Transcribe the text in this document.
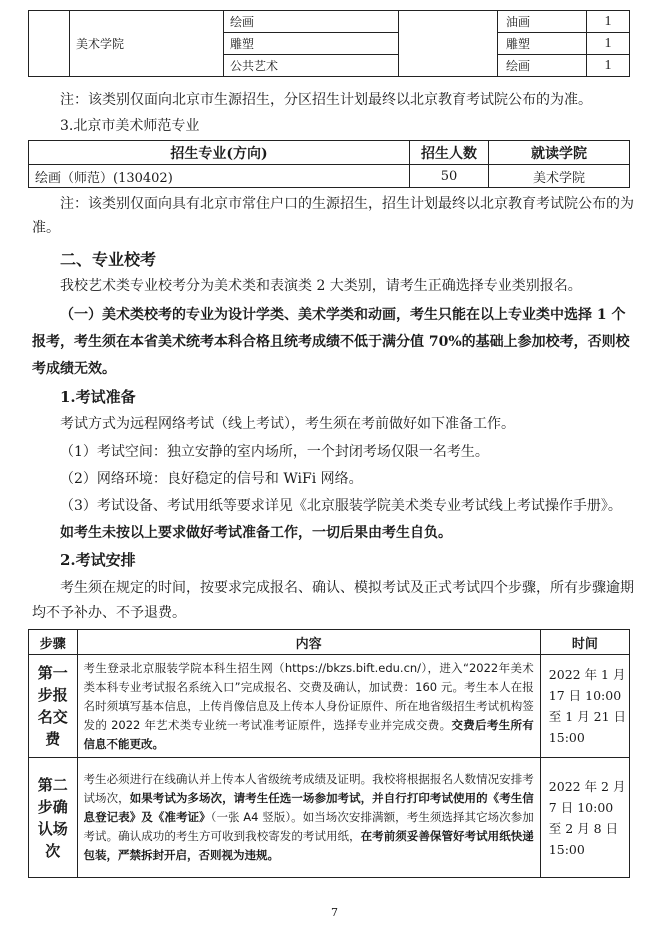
	美术学院	绘画		油画	1
		雕塑		雕塑	1
		公共艺术		绘画	1
注：该类别仅面向北京市生源招生，分区招生计划最终以北京教育考试院公布的为准。
3.北京市美术师范专业
招生专业(方向)	招生人数	就读学院
绘画（师范）(130402)	50	美术学院
注：该类别仅面向具有北京市常住户口的生源招生，招生计划最终以北京教育考试院公布的为准。
二、专业校考
我校艺术类专业校考分为美术类和表演类 2 大类别，请考生正确选择专业类别报名。
（一）美术类校考的专业为设计学类、美术学类和动画，考生只能在以上专业类中选择 1 个报考，考生须在本省美术统考本科合格且统考成绩不低于满分值 70%的基础上参加校考，否则校考成绩无效。
1.考试准备
考试方式为远程网络考试（线上考试），考生须在考前做好如下准备工作。
（1）考试空间：独立安静的室内场所，一个封闭考场仅限一名考生。
（2）网络环境：良好稳定的信号和 WiFi 网络。
（3）考试设备、考试用纸等要求详见《北京服装学院美术类专业考试线上考试操作手册》。
如考生未按以上要求做好考试准备工作，一切后果由考生自负。
2.考试安排
考生须在规定的时间，按要求完成报名、确认、模拟考试及正式考试四个步骤，所有步骤逾期均不予补办、不予退费。
步骤	内容	时间

第一步报名交费	考生登录北京服装学院本科生招生网（https://bkzs.bift.edu.cn/），进入“2022年美术类本科专业考试报名系统入口”完成报名、交费及确认，加试费：160 元。考生本人在报名时须填写基本信息，上传肖像信息及上传本人身份证原件、所在地省级招生考试机构签发的 2022 年艺术类专业统一考试准考证原件，选择专业并完成交费。交费后考生所有信息不能更改。	2022 年 1 月 17 日 10:00 至 1 月 21 日 15:00

第二步确认场次	考生必须进行在线确认并上传本人省级统考成绩及证明。我校将根据报名人数情况安排考试场次，如果考试为多场次，请考生任选一场参加考试，并自行打印考试使用的《考生信息登记表》及《准考证》（一张 A4 竖版）。如当场次安排满额，考生须选择其它场次参加考试。确认成功的考生方可收到我校寄发的考试用纸，在考前须妥善保管好考试用纸快递包装，严禁拆封开启，否则视为违规。	2022 年 2 月 7 日 10:00 至 2 月 8 日 15:00
7
